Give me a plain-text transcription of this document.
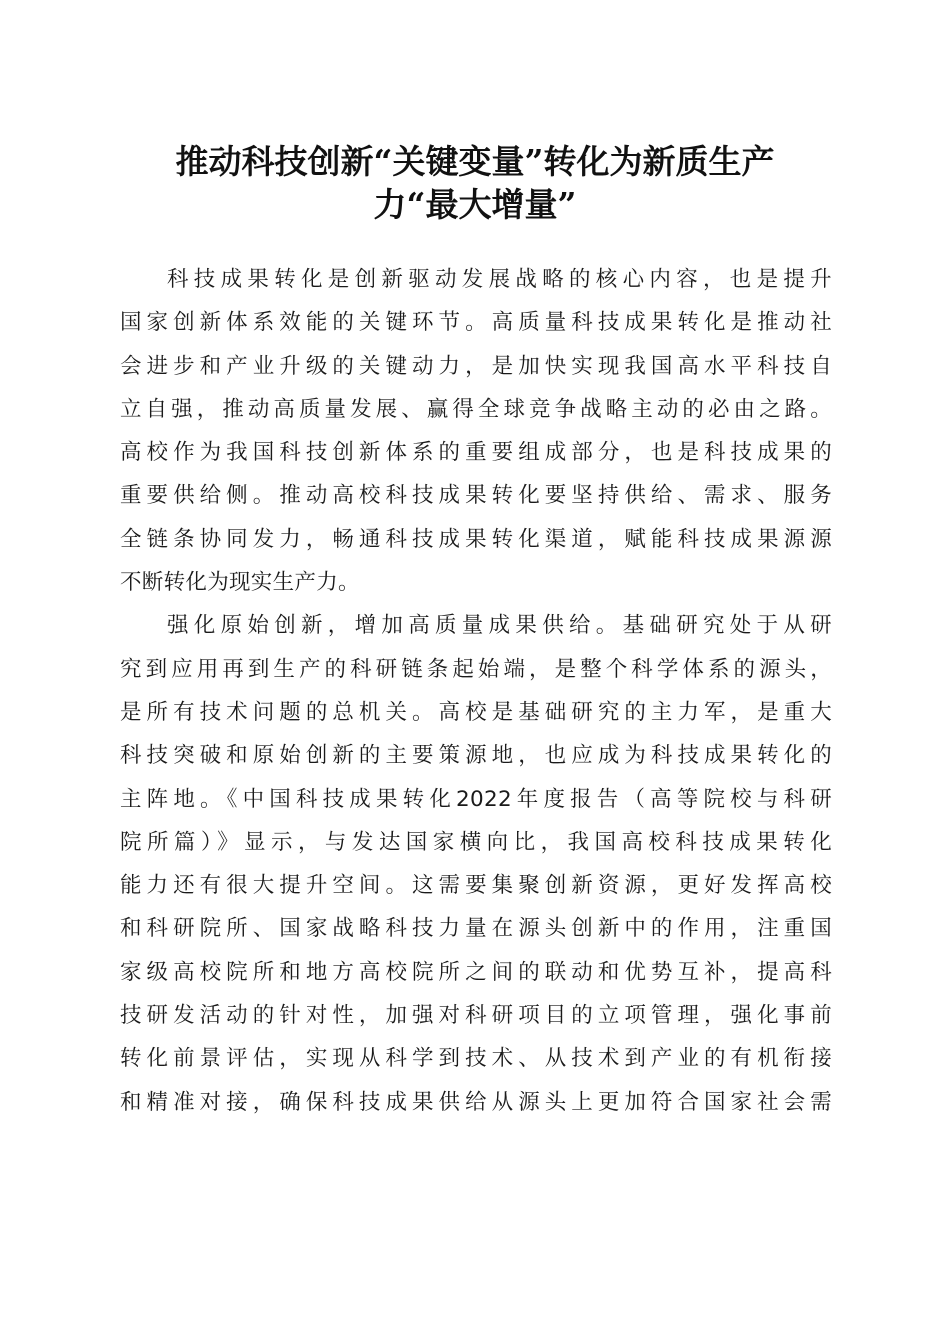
推动科技创新“关键变量”转化为新质生产
力“最大增量”
科技成果转化是创新驱动发展战略的核心内容，也是提升
国家创新体系效能的关键环节。高质量科技成果转化是推动社
会进步和产业升级的关键动力，是加快实现我国高水平科技自
立自强，推动高质量发展、赢得全球竞争战略主动的必由之路。
高校作为我国科技创新体系的重要组成部分，也是科技成果的
重要供给侧。推动高校科技成果转化要坚持供给、需求、服务
全链条协同发力，畅通科技成果转化渠道，赋能科技成果源源
不断转化为现实生产力。
强化原始创新，增加高质量成果供给。基础研究处于从研
究到应用再到生产的科研链条起始端，是整个科学体系的源头，
是所有技术问题的总机关。高校是基础研究的主力军，是重大
科技突破和原始创新的主要策源地，也应成为科技成果转化的
主阵地。《中国科技成果转化2022年度报告（高等院校与科研
院所篇）》显示，与发达国家横向比，我国高校科技成果转化
能力还有很大提升空间。这需要集聚创新资源，更好发挥高校
和科研院所、国家战略科技力量在源头创新中的作用，注重国
家级高校院所和地方高校院所之间的联动和优势互补，提高科
技研发活动的针对性，加强对科研项目的立项管理，强化事前
转化前景评估，实现从科学到技术、从技术到产业的有机衔接
和精准对接，确保科技成果供给从源头上更加符合国家社会需
